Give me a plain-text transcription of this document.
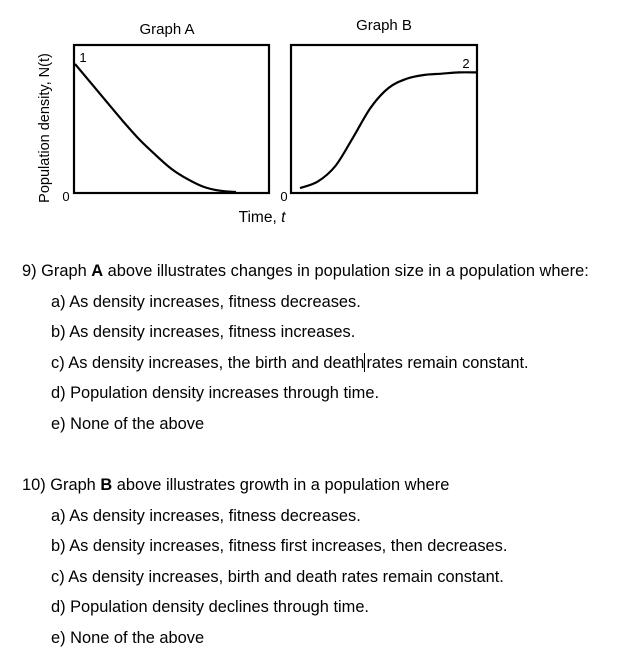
Population density, N(t)
Graph A
0
1
Graph B
0
2
Time, t

9) Graph A above illustrates changes in population size in a population where:

a) As density increases, fitness decreases.
b) As density increases, fitness increases.
c) As density increases, the birth and death rates remain constant.
d) Population density increases through time.
e) None of the above

10) Graph B above illustrates growth in a population where

a) As density increases, fitness decreases.
b) As density increases, fitness first increases, then decreases.
c) As density increases, birth and death rates remain constant.
d) Population density declines through time.
e) None of the above
